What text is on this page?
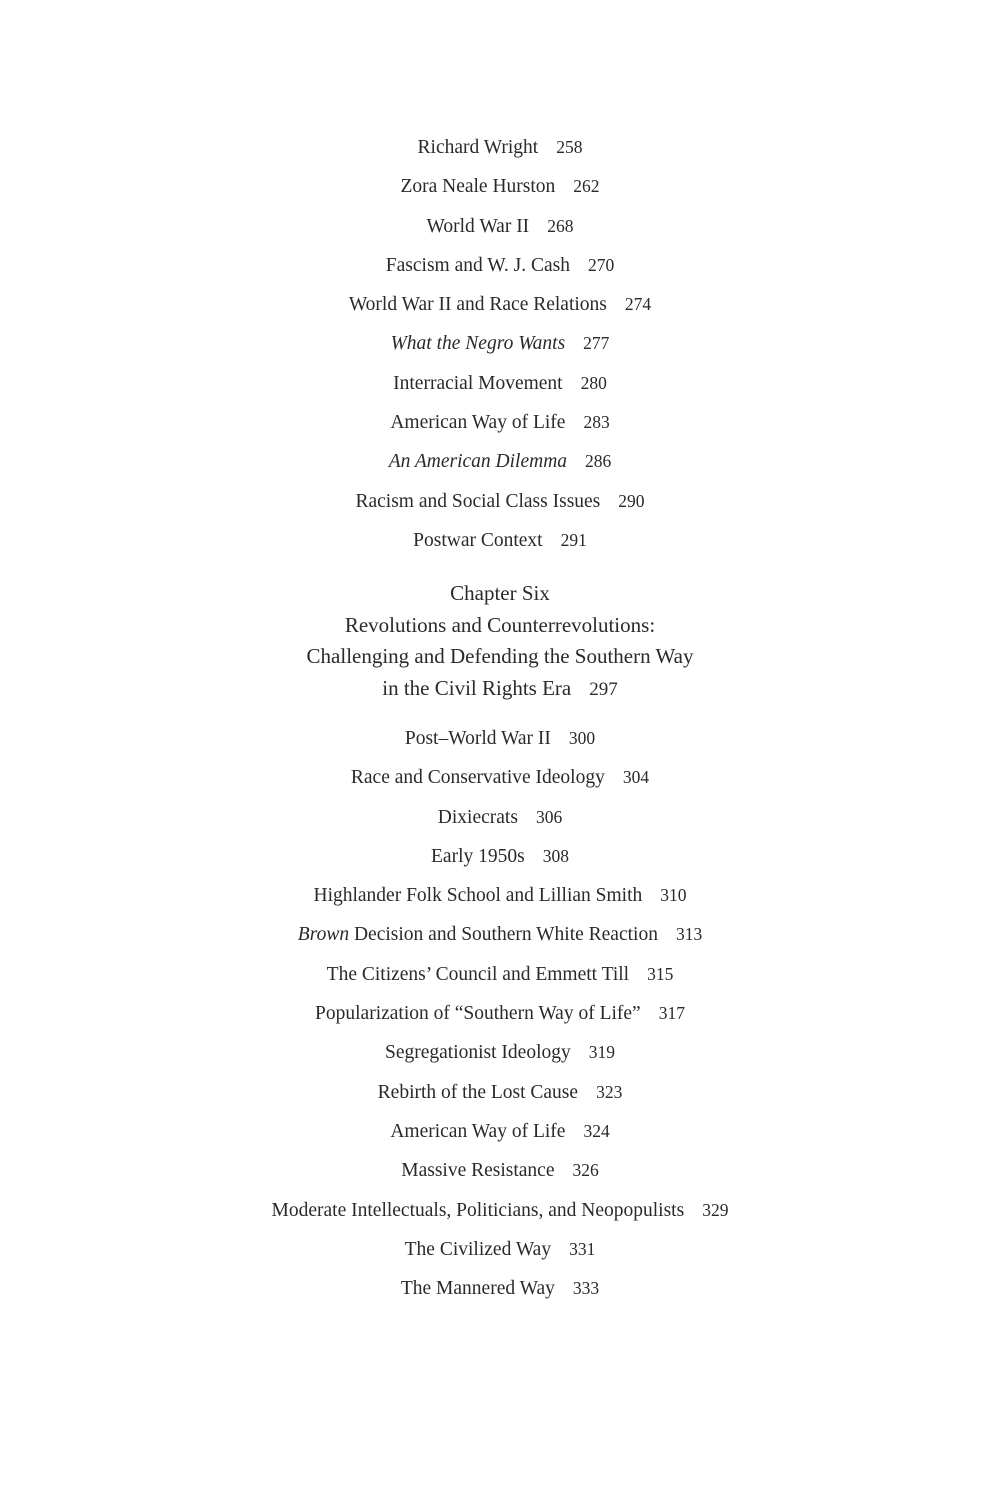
Richard Wright 258
Zora Neale Hurston 262
World War II 268
Fascism and W. J. Cash 270
World War II and Race Relations 274
What the Negro Wants 277
Interracial Movement 280
American Way of Life 283
An American Dilemma 286
Racism and Social Class Issues 290
Postwar Context 291
Chapter Six
Revolutions and Counterrevolutions:
Challenging and Defending the Southern Way
in the Civil Rights Era 297
Post–World War II 300
Race and Conservative Ideology 304
Dixiecrats 306
Early 1950s 308
Highlander Folk School and Lillian Smith 310
Brown Decision and Southern White Reaction 313
The Citizens’ Council and Emmett Till 315
Popularization of “Southern Way of Life” 317
Segregationist Ideology 319
Rebirth of the Lost Cause 323
American Way of Life 324
Massive Resistance 326
Moderate Intellectuals, Politicians, and Neopopulists 329
The Civilized Way 331
The Mannered Way 333
